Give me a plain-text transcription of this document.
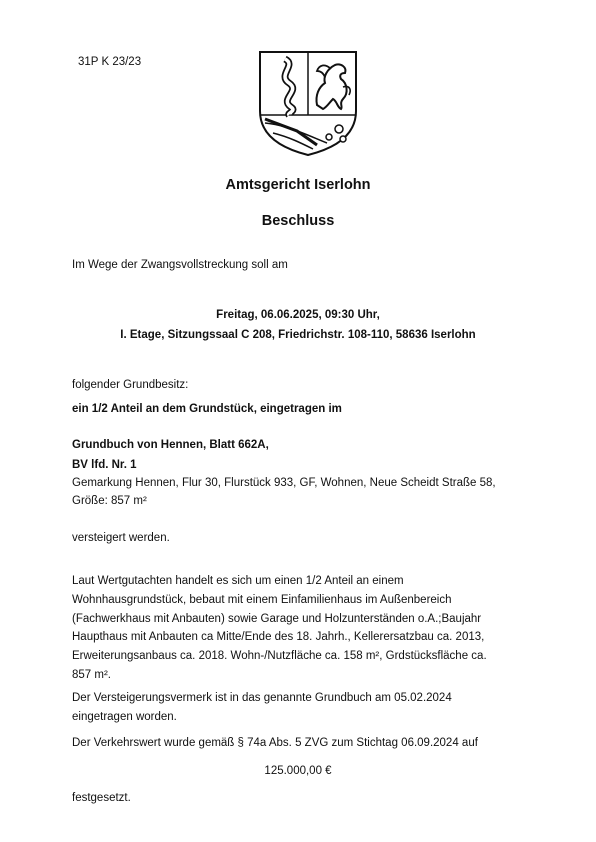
31P K 23/23
Amtsgericht Iserlohn
Beschluss
Im Wege der Zwangsvollstreckung soll am
Freitag, 06.06.2025, 09:30 Uhr,
I. Etage, Sitzungssaal C 208, Friedrichstr. 108-110, 58636 Iserlohn
folgender Grundbesitz:
ein 1/2 Anteil an dem Grundstück, eingetragen im
Grundbuch von Hennen, Blatt 662A,
BV lfd. Nr. 1
Gemarkung Hennen, Flur 30, Flurstück 933, GF, Wohnen, Neue Scheidt Straße 58,
Größe: 857 m²
versteigert werden.
Laut Wertgutachten handelt es sich um einen 1/2 Anteil an einem
Wohnhausgrundstück, bebaut mit einem Einfamilienhaus im Außenbereich
(Fachwerkhaus mit Anbauten) sowie Garage und Holzunterständen o.A.;Baujahr
Haupthaus mit Anbauten ca Mitte/Ende des 18. Jahrh., Kellerersatzbau ca. 2013,
Erweiterungsanbaus ca. 2018. Wohn-/Nutzfläche ca. 158 m², Grdstücksfläche ca.
857 m².
Der Versteigerungsvermerk ist in das genannte Grundbuch am 05.02.2024
eingetragen worden.
Der Verkehrswert wurde gemäß § 74a Abs. 5 ZVG zum Stichtag 06.09.2024 auf
125.000,00 €
festgesetzt.
